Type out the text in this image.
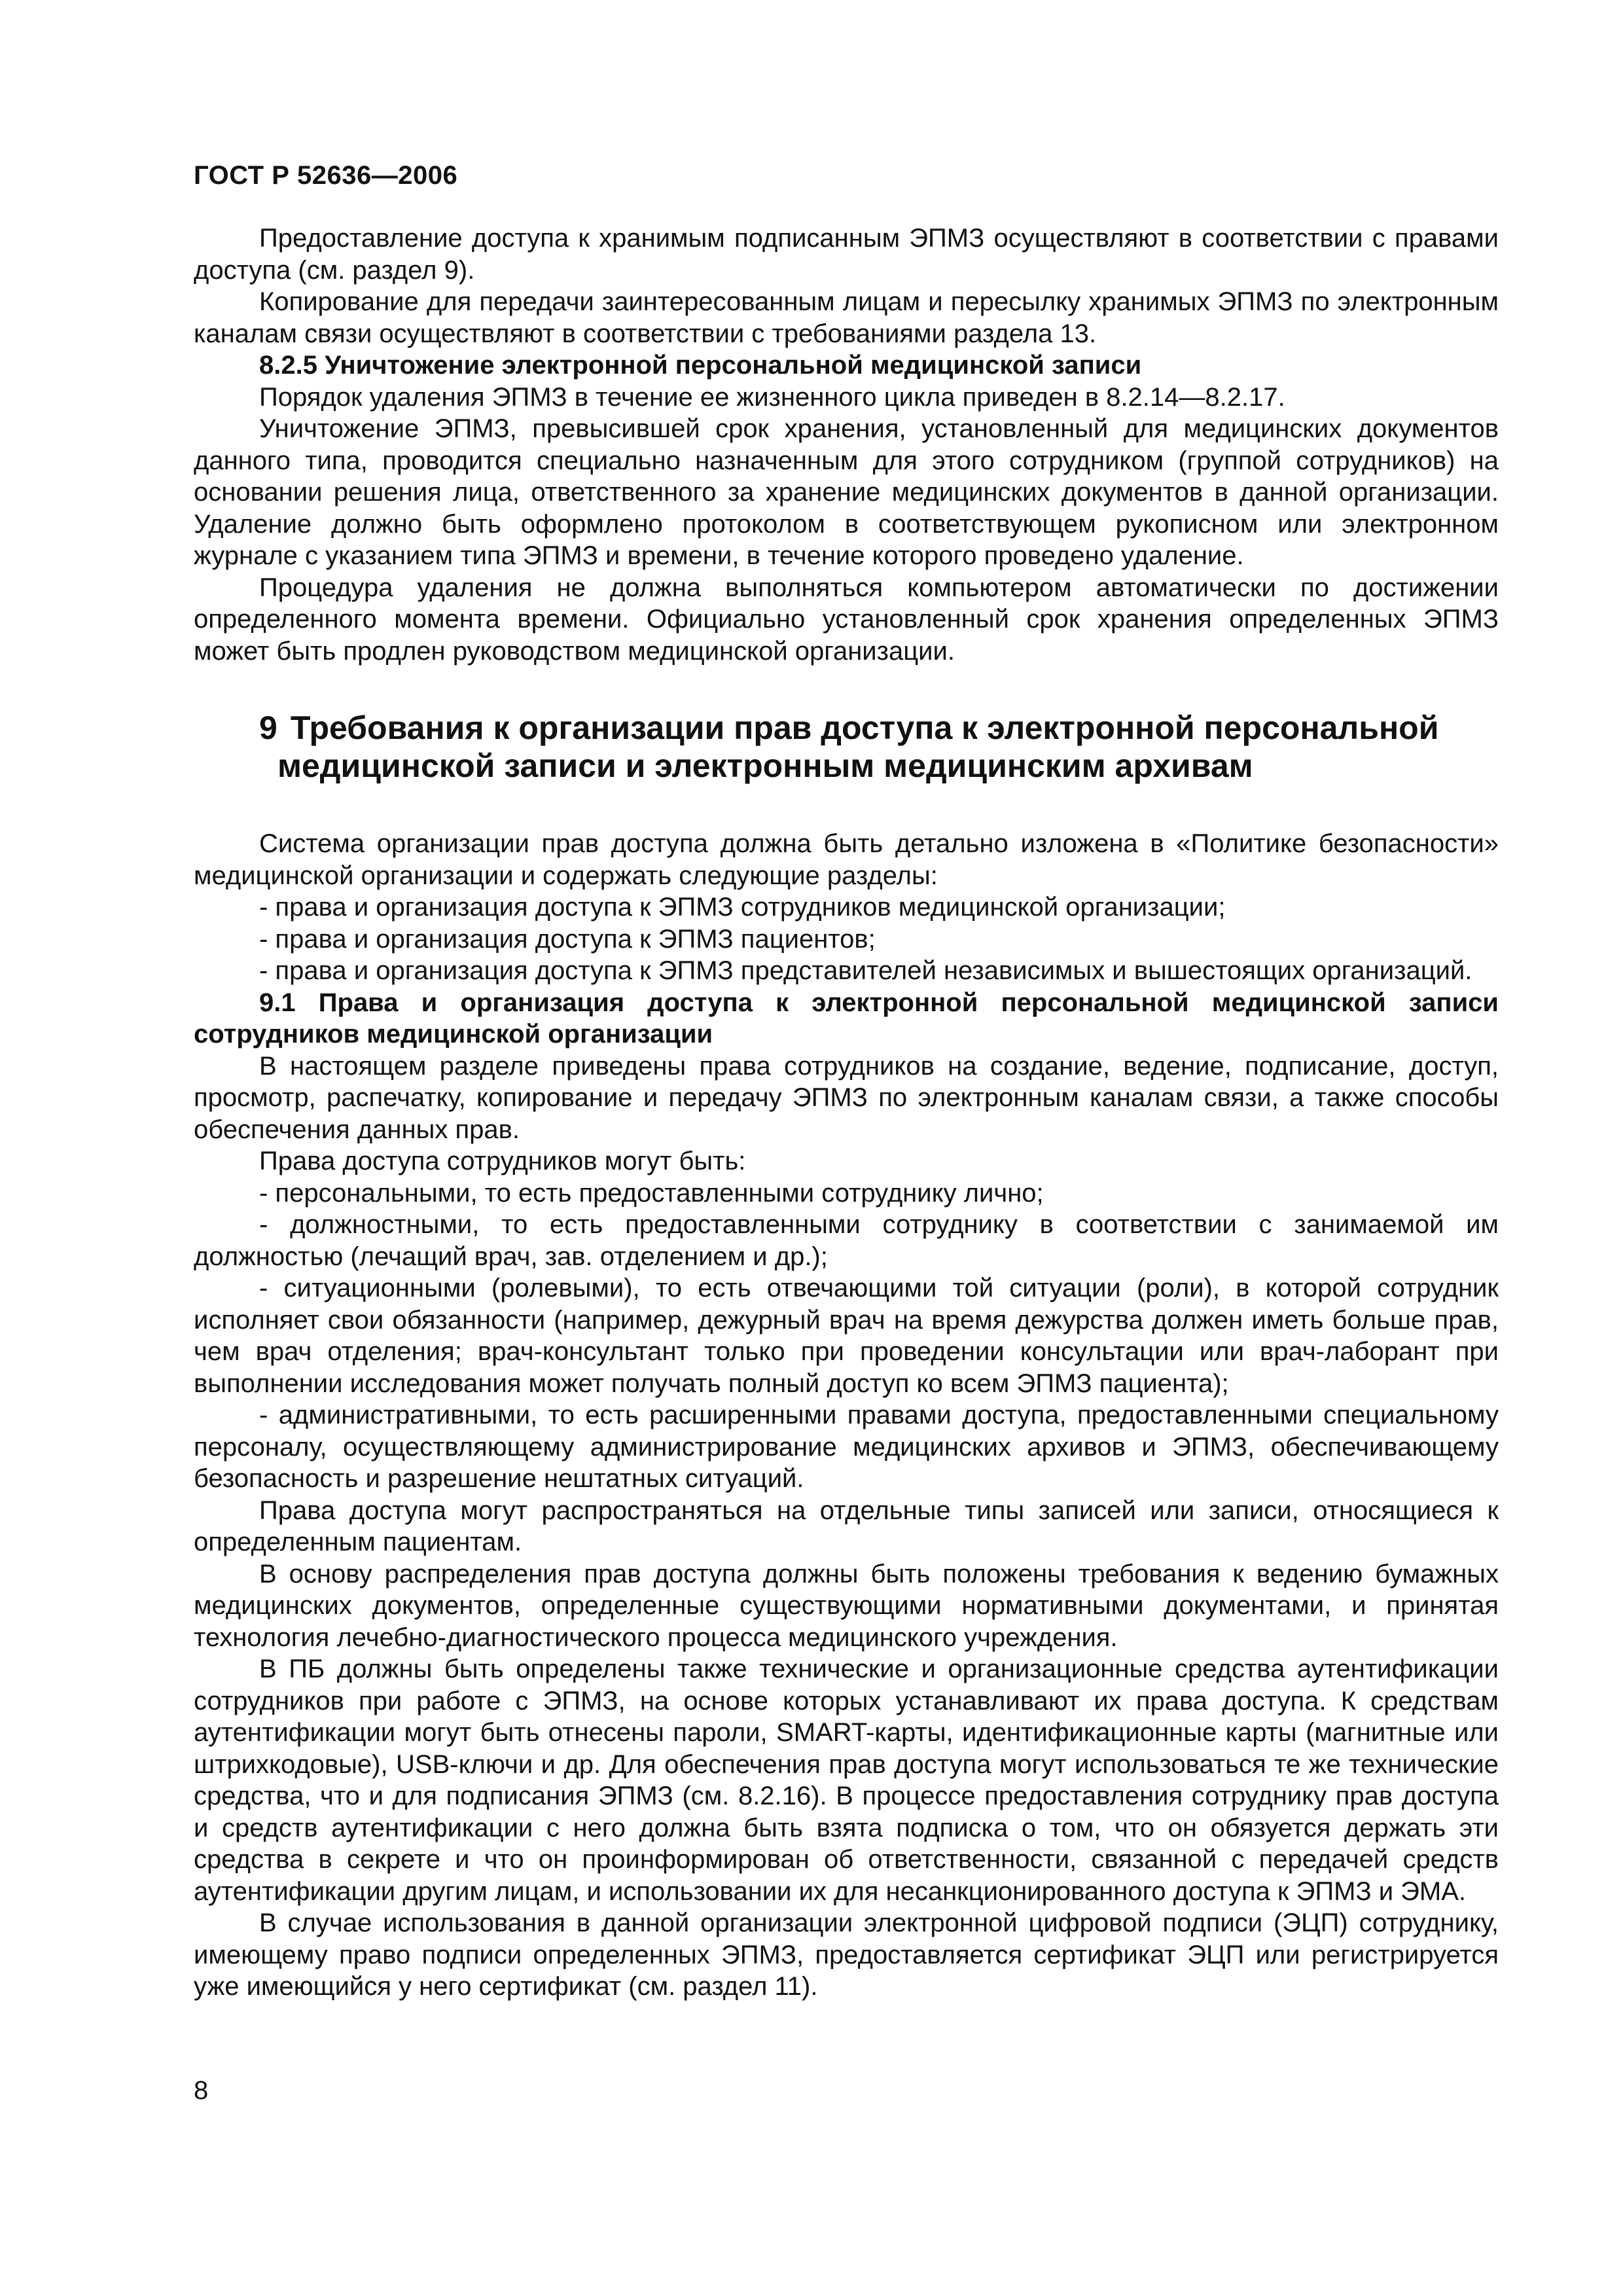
ГОСТ Р 52636—2006

Предоставление доступа к хранимым подписанным ЭПМЗ осуществляют в соответствии с правами доступа (см. раздел 9).

Копирование для передачи заинтересованным лицам и пересылку хранимых ЭПМЗ по электронным каналам связи осуществляют в соответствии с требованиями раздела 13.

8.2.5 Уничтожение электронной персональной медицинской записи

Порядок удаления ЭПМЗ в течение ее жизненного цикла приведен в 8.2.14—8.2.17.

Уничтожение ЭПМЗ, превысившей срок хранения, установленный для медицинских документов данного типа, проводится специально назначенным для этого сотрудником (группой сотрудников) на основании решения лица, ответственного за хранение медицинских документов в данной организации. Удаление должно быть оформлено протоколом в соответствующем рукописном или электронном журнале с указанием типа ЭПМЗ и времени, в течение которого проведено удаление.

Процедура удаления не должна выполняться компьютером автоматически по достижении определенного момента времени. Официально установленный срок хранения определенных ЭПМЗ может быть продлен руководством медицинской организации.

9 Требования к организации прав доступа к электронной персональной
медицинской записи и электронным медицинским архивам

Система организации прав доступа должна быть детально изложена в «Политике безопасности» медицинской организации и содержать следующие разделы:

- права и организация доступа к ЭПМЗ сотрудников медицинской организации;

- права и организация доступа к ЭПМЗ пациентов;

- права и организация доступа к ЭПМЗ представителей независимых и вышестоящих организаций.

9.1 Права и организация доступа к электронной персональной медицинской записи сотрудников медицинской организации

В настоящем разделе приведены права сотрудников на создание, ведение, подписание, доступ, просмотр, распечатку, копирование и передачу ЭПМЗ по электронным каналам связи, а также способы обеспечения данных прав.

Права доступа сотрудников могут быть:

- персональными, то есть предоставленными сотруднику лично;

- должностными, то есть предоставленными сотруднику в соответствии с занимаемой им должностью (лечащий врач, зав. отделением и др.);

- ситуационными (ролевыми), то есть отвечающими той ситуации (роли), в которой сотрудник исполняет свои обязанности (например, дежурный врач на время дежурства должен иметь больше прав, чем врач отделения; врач-консультант только при проведении консультации или врач-лаборант при выполнении исследования может получать полный доступ ко всем ЭПМЗ пациента);

- административными, то есть расширенными правами доступа, предоставленными специальному персоналу, осуществляющему администрирование медицинских архивов и ЭПМЗ, обеспечивающему безопасность и разрешение нештатных ситуаций.

Права доступа могут распространяться на отдельные типы записей или записи, относящиеся к определенным пациентам.

В основу распределения прав доступа должны быть положены требования к ведению бумажных медицинских документов, определенные существующими нормативными документами, и принятая технология лечебно-диагностического процесса медицинского учреждения.

В ПБ должны быть определены также технические и организационные средства аутентификации сотрудников при работе с ЭПМЗ, на основе которых устанавливают их права доступа. К средствам аутентификации могут быть отнесены пароли, SMART-карты, идентификационные карты (магнитные или штрихкодовые), USB-ключи и др. Для обеспечения прав доступа могут использоваться те же технические средства, что и для подписания ЭПМЗ (см. 8.2.16). В процессе предоставления сотруднику прав доступа и средств аутентификации с него должна быть взята подписка о том, что он обязуется держать эти средства в секрете и что он проинформирован об ответственности, связанной с передачей средств аутентификации другим лицам, и использовании их для несанкционированного доступа к ЭПМЗ и ЭМА.

В случае использования в данной организации электронной цифровой подписи (ЭЦП) сотруднику, имеющему право подписи определенных ЭПМЗ, предоставляется сертификат ЭЦП или регистрируется уже имеющийся у него сертификат (см. раздел 11).

8
